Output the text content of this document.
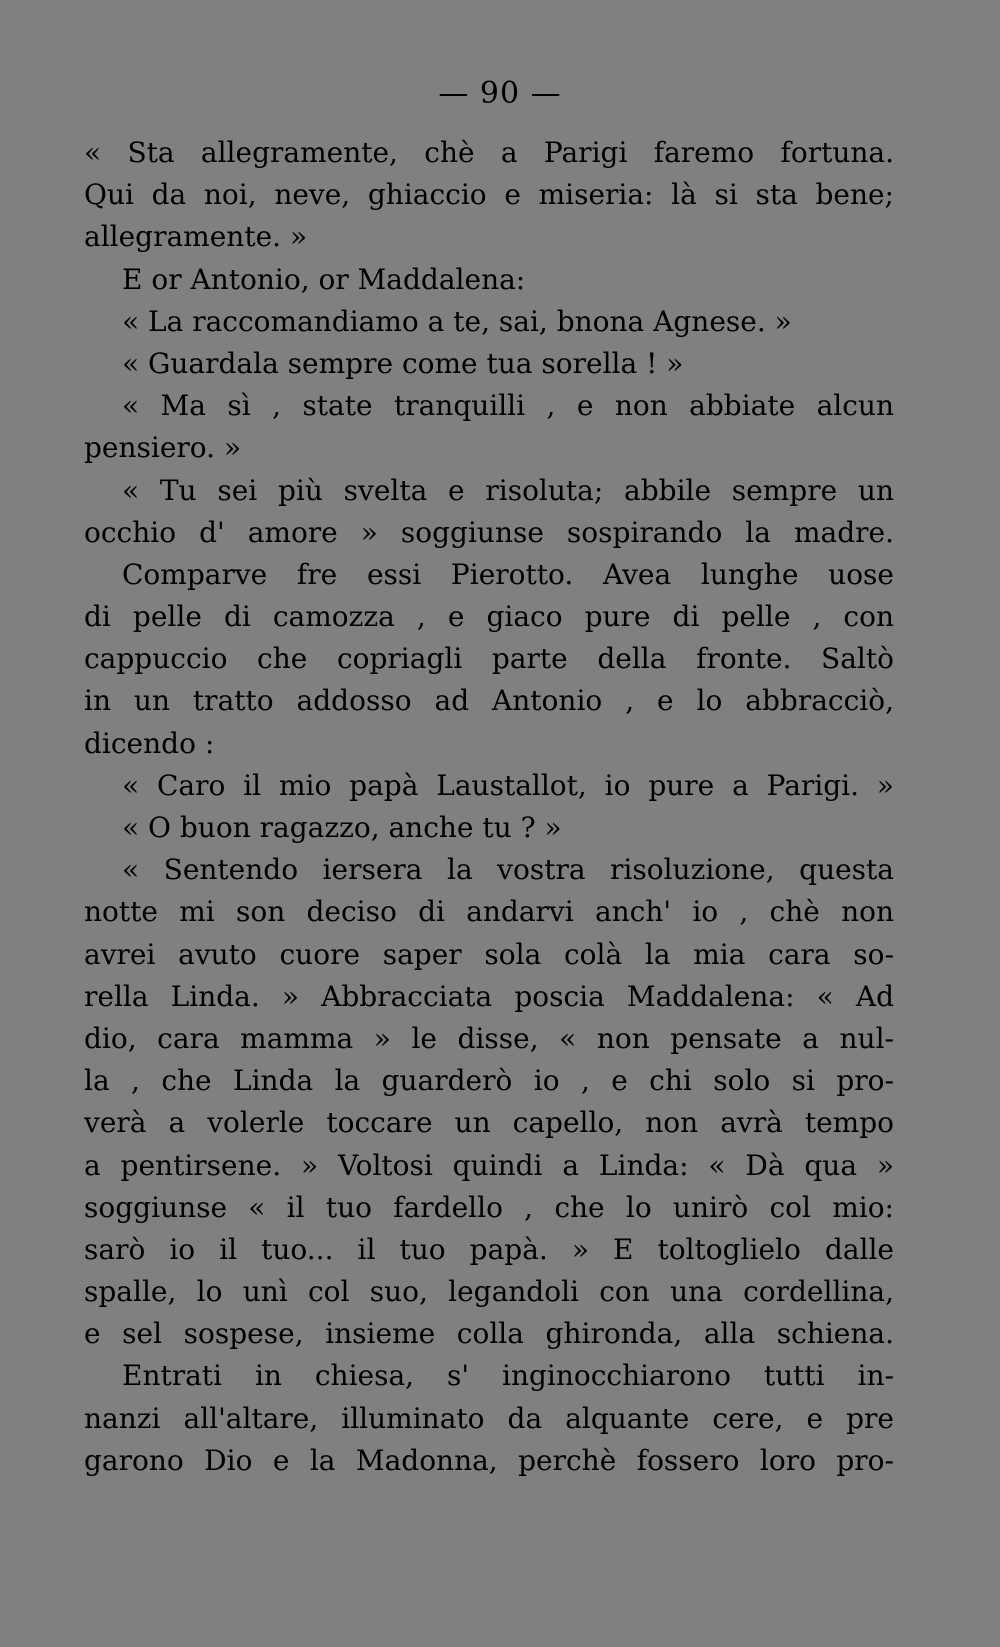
— 90 —
« Sta allegramente, chè a Parigi faremo fortuna.
Qui da noi, neve, ghiaccio e miseria: là si sta bene;
allegramente. »
E or Antonio, or Maddalena:
« La raccomandiamo a te, sai, bnona Agnese. »
« Guardala sempre come tua sorella ! »
« Ma sì , state tranquilli , e non abbiate alcun
pensiero. »
« Tu sei più svelta e risoluta; abbile sempre un
occhio d' amore » soggiunse sospirando la madre.
Comparve fre essi Pierotto. Avea lunghe uose
di pelle di camozza , e giaco pure di pelle , con
cappuccio che copriagli parte della fronte. Saltò
in un tratto addosso ad Antonio , e lo abbracciò,
dicendo :
« Caro il mio papà Laustallot, io pure a Parigi. »
« O buon ragazzo, anche tu ? »
« Sentendo iersera la vostra risoluzione, questa
notte mi son deciso di andarvi anch' io , chè non
avrei avuto cuore saper sola colà la mia cara so-
rella Linda. » Abbracciata poscia Maddalena: « Ad
dio, cara mamma » le disse, « non pensate a nul-
la , che Linda la guarderò io , e chi solo si pro-
verà a volerle toccare un capello, non avrà tempo
a pentirsene. » Voltosi quindi a Linda: « Dà qua »
soggiunse « il tuo fardello , che lo unirò col mio:
sarò io il tuo... il tuo papà. » E toltoglielo dalle
spalle, lo unì col suo, legandoli con una cordellina,
e sel sospese, insieme colla ghironda, alla schiena.
Entrati in chiesa, s' inginocchiarono tutti in-
nanzi all'altare, illuminato da alquante cere, e pre
garono Dio e la Madonna, perchè fossero loro pro-
